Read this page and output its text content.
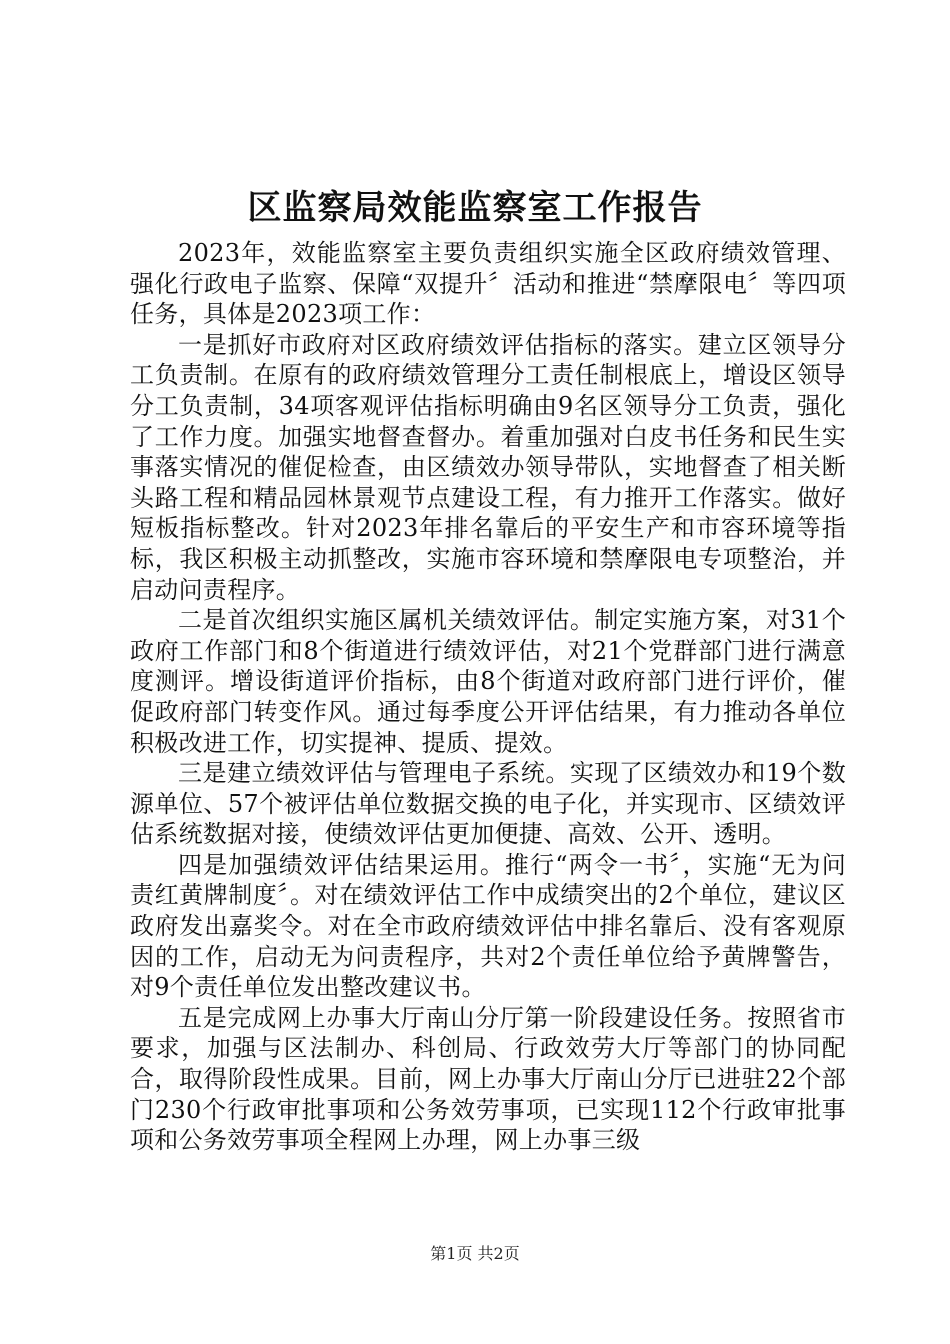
区监察局效能监察室工作报告

2023年，效能监察室主要负责组织实施全区政府绩效管理、强化行政电子监察、保障“双提升〞活动和推进“禁摩限电〞等四项任务，具体是2023项工作：

一是抓好市政府对区政府绩效评估指标的落实。建立区领导分工负责制。在原有的政府绩效管理分工责任制根底上，增设区领导分工负责制，34项客观评估指标明确由9名区领导分工负责，强化了工作力度。加强实地督查督办。着重加强对白皮书任务和民生实事落实情况的催促检查，由区绩效办领导带队，实地督查了相关断头路工程和精品园林景观节点建设工程，有力推开工作落实。做好短板指标整改。针对2023年排名靠后的平安生产和市容环境等指标，我区积极主动抓整改，实施市容环境和禁摩限电专项整治，并启动问责程序。

二是首次组织实施区属机关绩效评估。制定实施方案，对31个政府工作部门和8个街道进行绩效评估，对21个党群部门进行满意度测评。增设街道评价指标，由8个街道对政府部门进行评价，催促政府部门转变作风。通过每季度公开评估结果，有力推动各单位积极改进工作，切实提神、提质、提效。

三是建立绩效评估与管理电子系统。实现了区绩效办和19个数源单位、57个被评估单位数据交换的电子化，并实现市、区绩效评估系统数据对接，使绩效评估更加便捷、高效、公开、透明。

四是加强绩效评估结果运用。推行“两令一书〞，实施“无为问责红黄牌制度〞。对在绩效评估工作中成绩突出的2个单位，建议区政府发出嘉奖令。对在全市政府绩效评估中排名靠后、没有客观原因的工作，启动无为问责程序，共对2个责任单位给予黄牌警告，对9个责任单位发出整改建议书。

五是完成网上办事大厅南山分厅第一阶段建设任务。按照省市要求，加强与区法制办、科创局、行政效劳大厅等部门的协同配合，取得阶段性成果。目前，网上办事大厅南山分厅已进驻22个部门230个行政审批事项和公务效劳事项，已实现112个行政审批事项和公务效劳事项全程网上办理，网上办事三级

第1页 共2页
